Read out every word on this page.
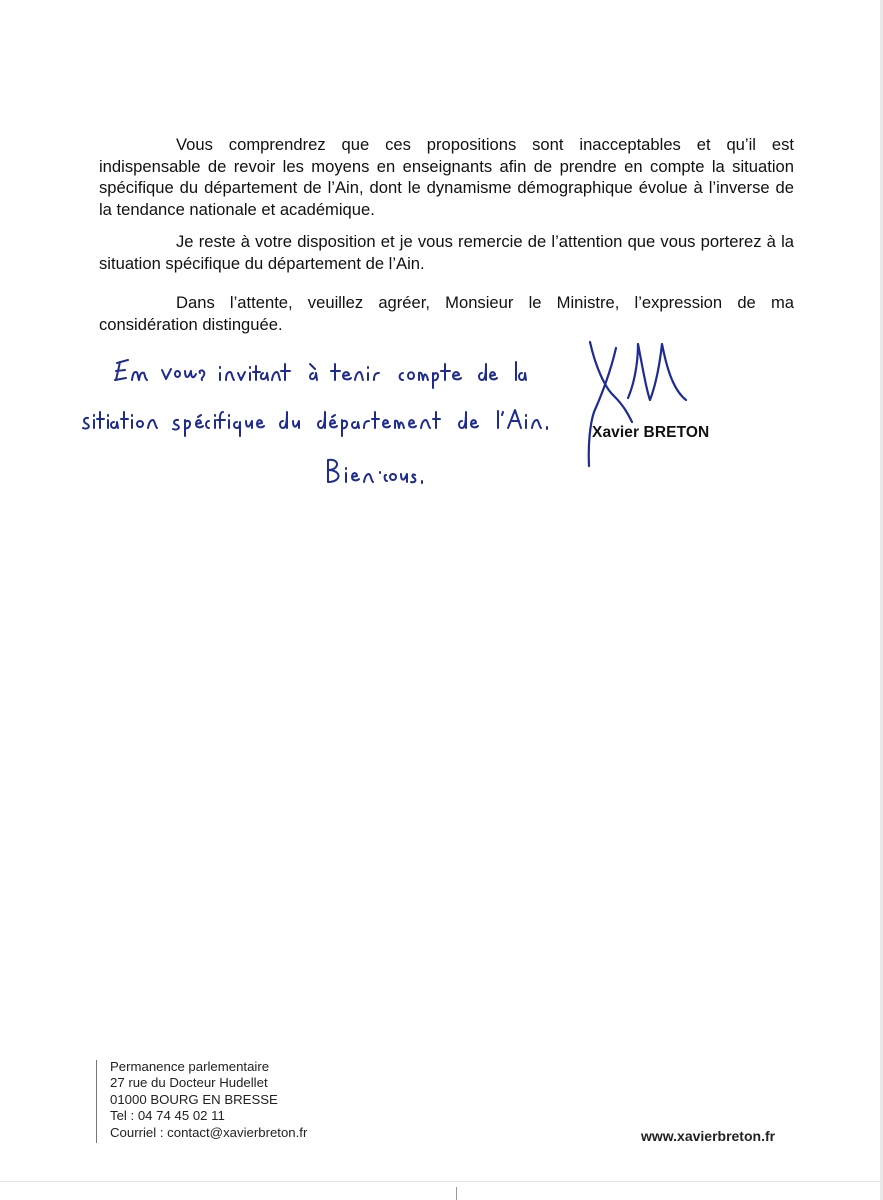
Vous comprendrez que ces propositions sont inacceptables et qu’il est indispensable de revoir les moyens en enseignants afin de prendre en compte la situation spécifique du département de l’Ain, dont le dynamisme démographique évolue à l’inverse de la tendance nationale et académique.

Je reste à votre disposition et je vous remercie de l’attention que vous porterez à la situation spécifique du département de l’Ain.

Dans l’attente, veuillez agréer, Monsieur le Ministre, l’expression de ma considération distinguée.

Xavier BRETON
Permanence parlementaire
27 rue du Docteur Hudellet
01000 BOURG EN BRESSE
Tel : 04 74 45 02 11
Courriel : contact@xavierbreton.fr	www.xavierbreton.fr
